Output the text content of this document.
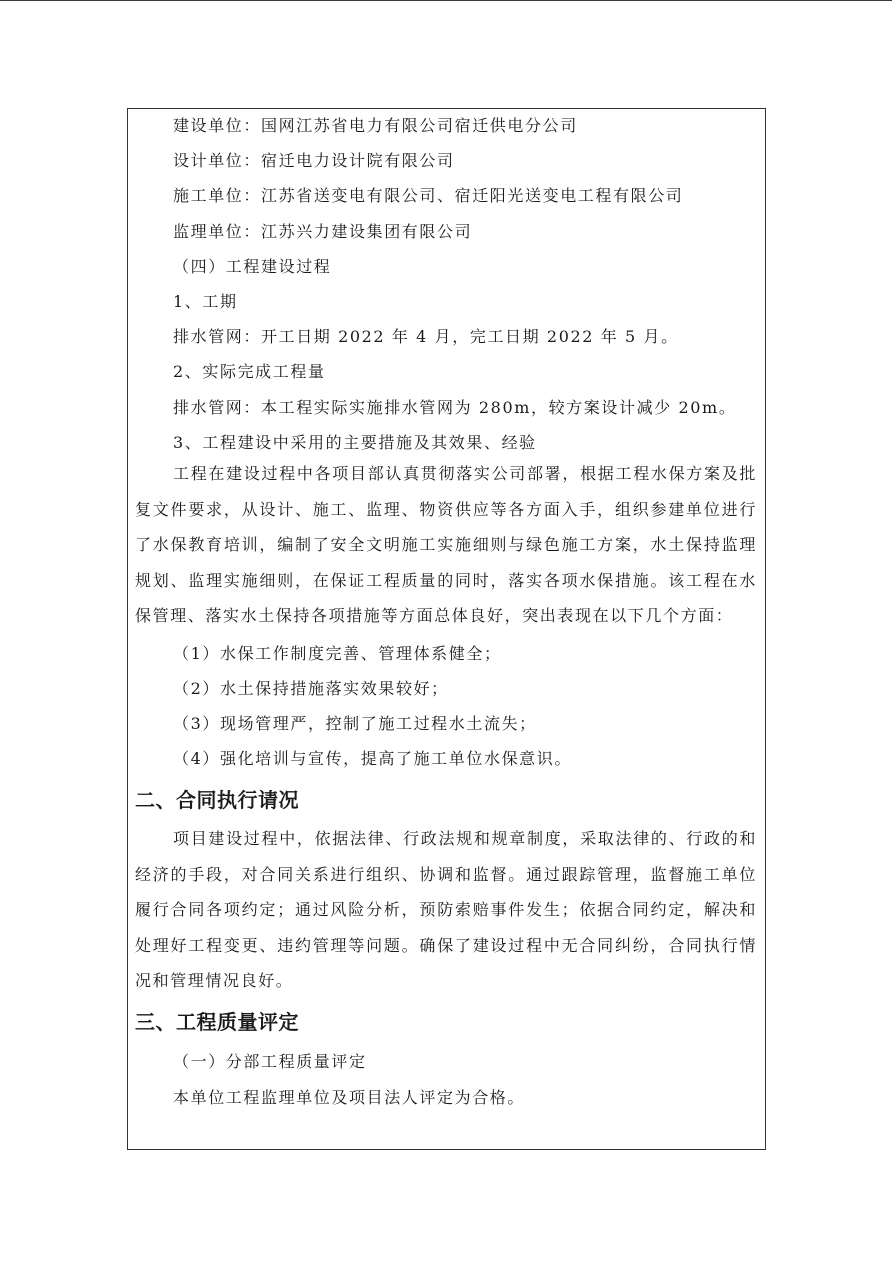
建设单位：国网江苏省电力有限公司宿迁供电分公司
设计单位：宿迁电力设计院有限公司
施工单位：江苏省送变电有限公司、宿迁阳光送变电工程有限公司
监理单位：江苏兴力建设集团有限公司
（四）工程建设过程
1、工期
排水管网：开工日期 2022 年 4 月，完工日期 2022 年 5 月。
2、实际完成工程量
排水管网：本工程实际实施排水管网为 280m，较方案设计减少 20m。
3、工程建设中采用的主要措施及其效果、经验
工程在建设过程中各项目部认真贯彻落实公司部署，根据工程水保方案及批复文件要求，从设计、施工、监理、物资供应等各方面入手，组织参建单位进行了水保教育培训，编制了安全文明施工实施细则与绿色施工方案，水土保持监理规划、监理实施细则，在保证工程质量的同时，落实各项水保措施。该工程在水保管理、落实水土保持各项措施等方面总体良好，突出表现在以下几个方面：
（1）水保工作制度完善、管理体系健全；
（2）水土保持措施落实效果较好；
（3）现场管理严，控制了施工过程水土流失；
（4）强化培训与宣传，提高了施工单位水保意识。
二、合同执行请况
项目建设过程中，依据法律、行政法规和规章制度，采取法律的、行政的和经济的手段，对合同关系进行组织、协调和监督。通过跟踪管理，监督施工单位履行合同各项约定；通过风险分析，预防索赔事件发生；依据合同约定，解决和处理好工程变更、违约管理等问题。确保了建设过程中无合同纠纷，合同执行情况和管理情况良好。
三、工程质量评定
（一）分部工程质量评定
本单位工程监理单位及项目法人评定为合格。
